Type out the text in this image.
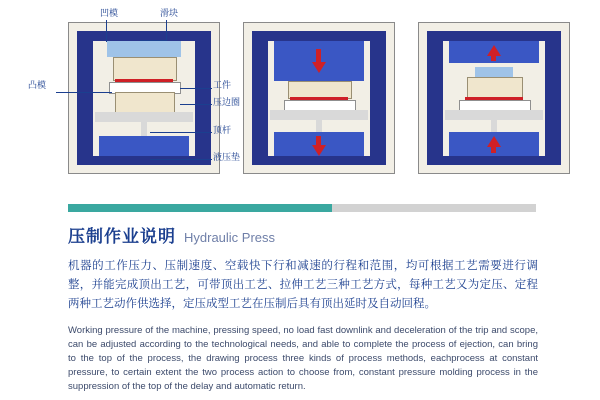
凹模	滑块
凸模	工件
压边圈
顶杆
液压垫
压制作业说明 Hydraulic Press

机器的工作压力、压制速度、空载快下行和减速的行程和范围，均可根据工艺需要进行调整，并能完成顶出工艺，可带顶出工艺、拉伸工艺三种工艺方式，每种工艺又为定压、定程两种工艺动作供选择，定压成型工艺在压制后具有顶出延时及自动回程。

Working pressure of the machine, pressing speed, no load fast downlink and deceleration of the trip and scope, can be adjusted according to the technological needs, and able to complete the process of ejection, can bring to the top of the process, the drawing process three kinds of process methods, eachprocess at constant pressure, to certain extent the two process action to choose from, constant pressure molding process in the suppression of the top of the delay and automatic return.
